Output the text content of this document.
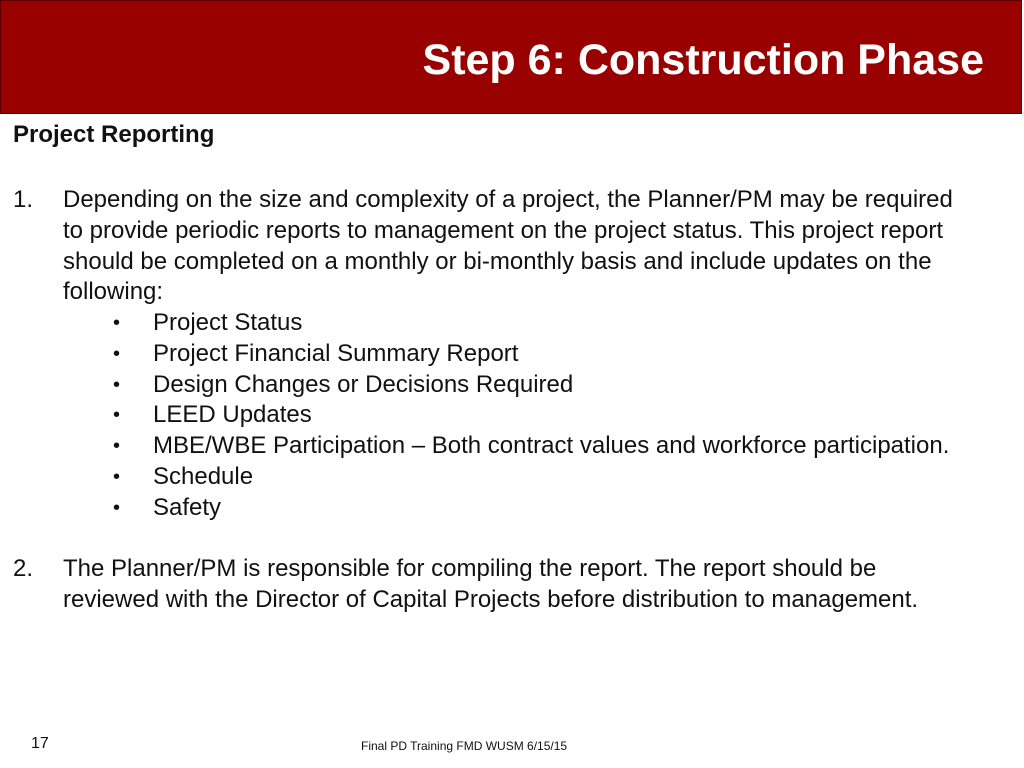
Step 6: Construction Phase
Project Reporting
1. Depending on the size and complexity of a project, the Planner/PM may be required
to provide periodic reports to management on the project status. This project report
should be completed on a monthly or bi-monthly basis and include updates on the
following:

• Project Status
• Project Financial Summary Report
• Design Changes or Decisions Required
• LEED Updates
• MBE/WBE Participation – Both contract values and workforce participation.
• Schedule
• Safety
2. The Planner/PM is responsible for compiling the report. The report should be
reviewed with the Director of Capital Projects before distribution to management.

17	Final PD Training FMD WUSM 6/15/15
